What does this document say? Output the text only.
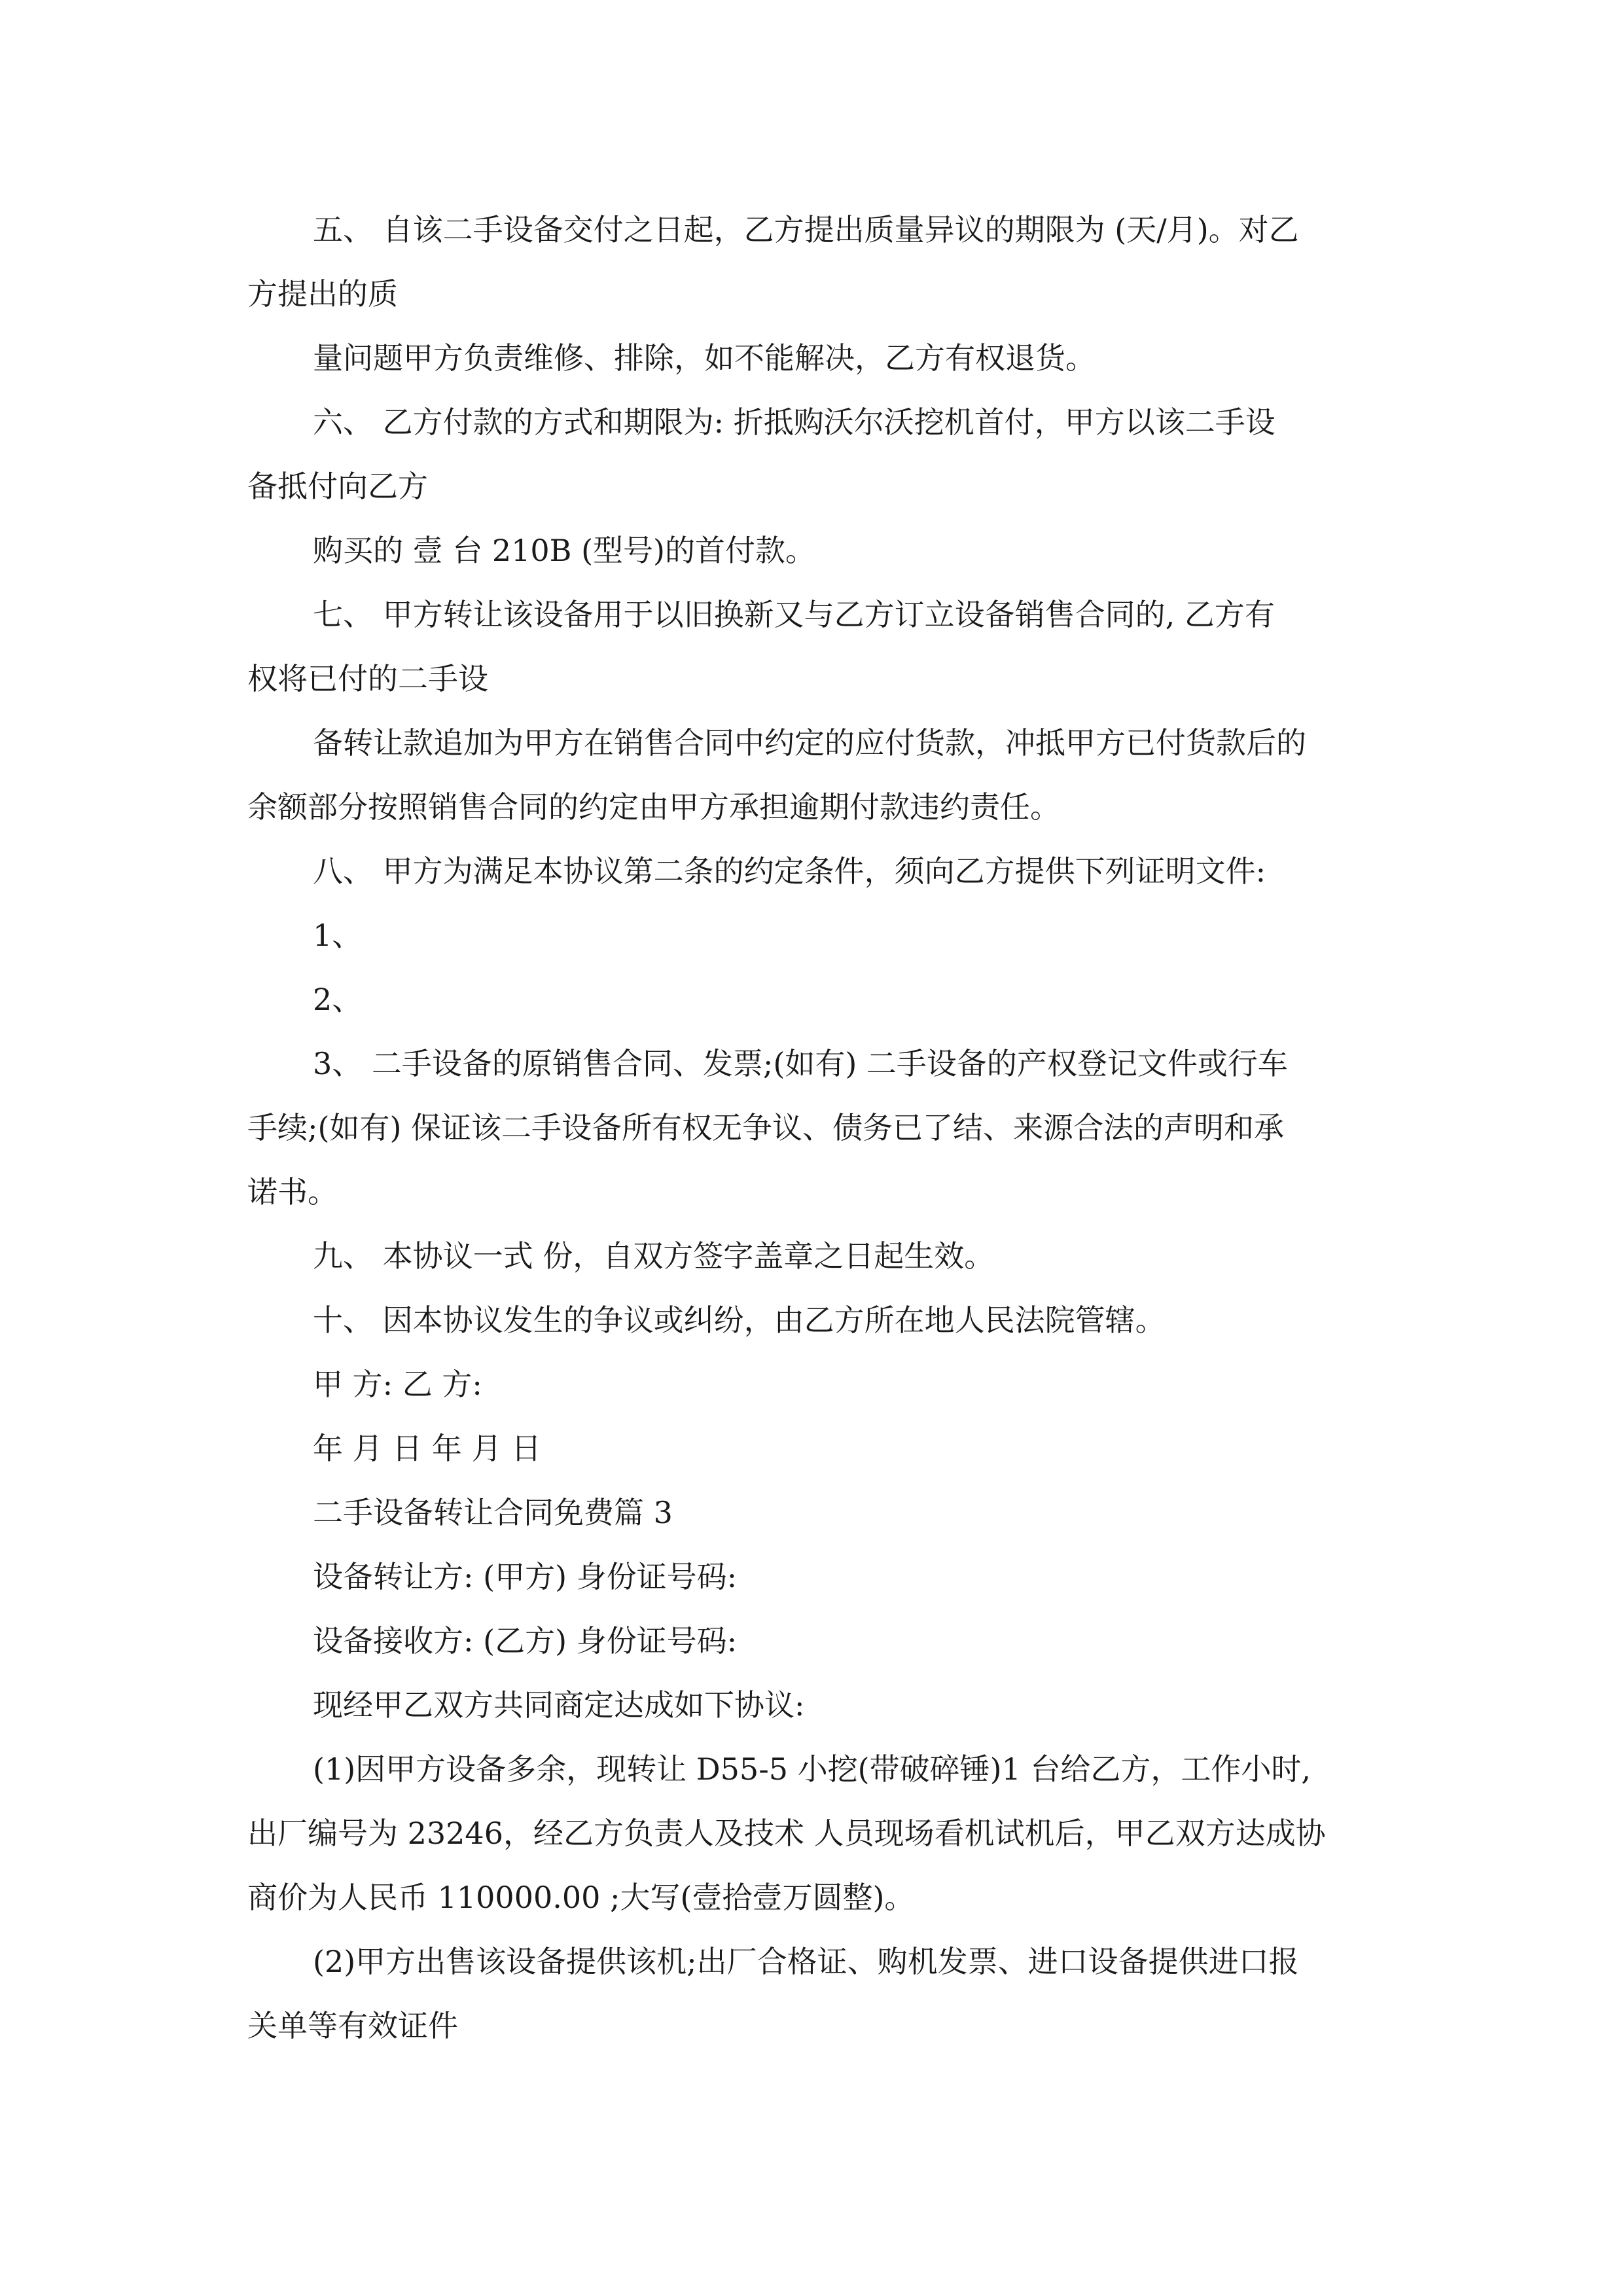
五、 自该二手设备交付之日起，乙方提出质量异议的期限为 (天/月)。对乙
方提出的质
量问题甲方负责维修、排除，如不能解决，乙方有权退货。
六、 乙方付款的方式和期限为: 折抵购沃尔沃挖机首付，甲方以该二手设
备抵付向乙方
购买的 壹 台 210B (型号)的首付款。
七、 甲方转让该设备用于以旧换新又与乙方订立设备销售合同的, 乙方有
权将已付的二手设
备转让款追加为甲方在销售合同中约定的应付货款，冲抵甲方已付货款后的
余额部分按照销售合同的约定由甲方承担逾期付款违约责任。
八、 甲方为满足本协议第二条的约定条件，须向乙方提供下列证明文件:
1、
2、
3、 二手设备的原销售合同、发票;(如有) 二手设备的产权登记文件或行车
手续;(如有) 保证该二手设备所有权无争议、债务已了结、来源合法的声明和承
诺书。
九、 本协议一式 份，自双方签字盖章之日起生效。
十、 因本协议发生的争议或纠纷，由乙方所在地人民法院管辖。
甲 方: 乙 方:
年 月 日 年 月 日
二手设备转让合同免费篇 3
设备转让方: (甲方) 身份证号码:
设备接收方: (乙方) 身份证号码:
现经甲乙双方共同商定达成如下协议:
(1)因甲方设备多余，现转让 D55-5 小挖(带破碎锤)1 台给乙方，工作小时,
出厂编号为 23246，经乙方负责人及技术 人员现场看机试机后，甲乙双方达成协
商价为人民币 110000.00 ;大写(壹拾壹万圆整)。
(2)甲方出售该设备提供该机;出厂合格证、购机发票、进口设备提供进口报
关单等有效证件
